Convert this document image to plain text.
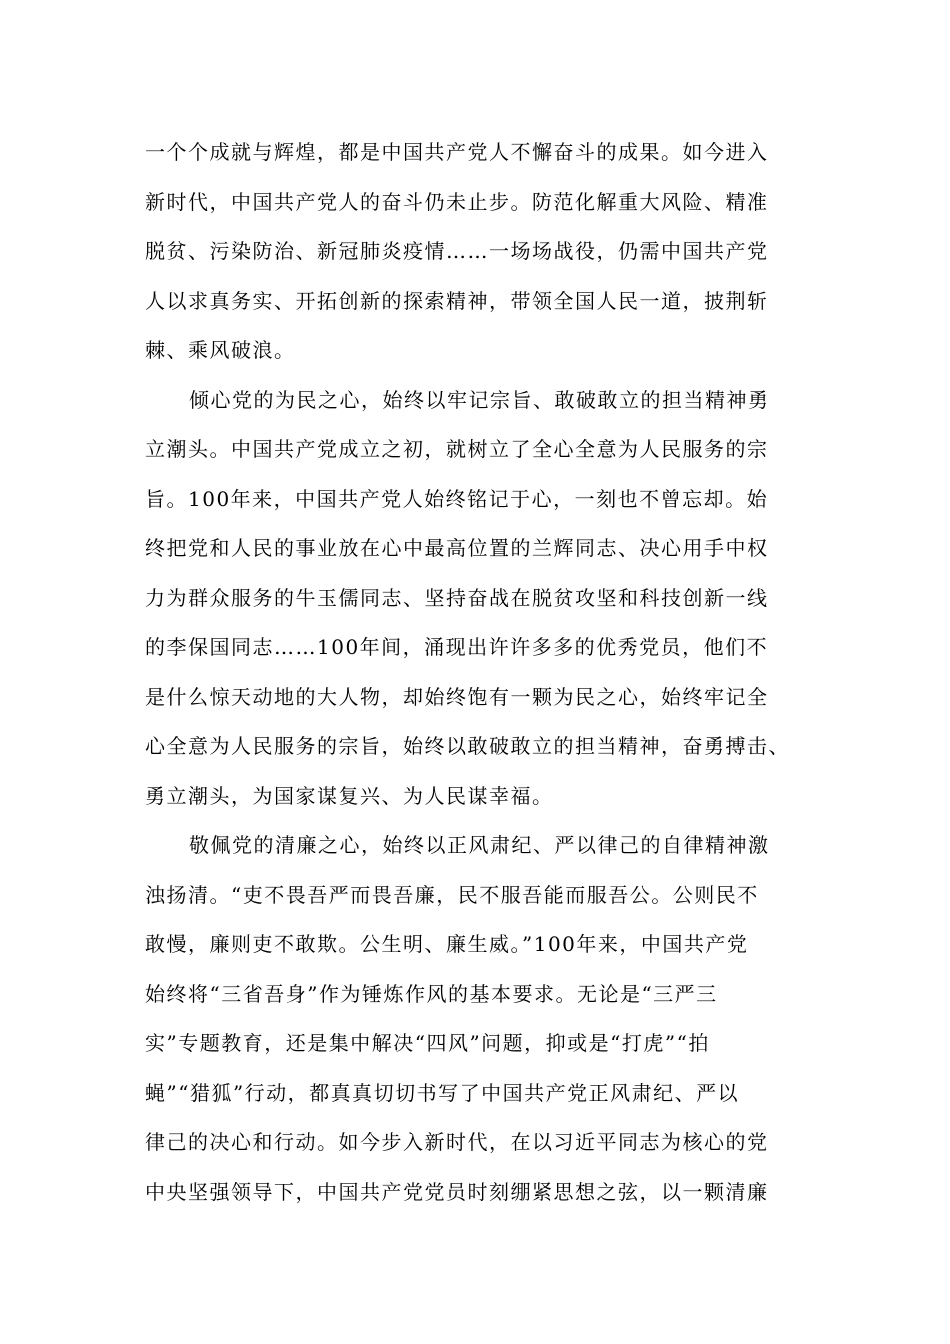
一个个成就与辉煌，都是中国共产党人不懈奋斗的成果。如今进入
新时代，中国共产党人的奋斗仍未止步。防范化解重大风险、精准
脱贫、污染防治、新冠肺炎疫情……一场场战役，仍需中国共产党
人以求真务实、开拓创新的探索精神，带领全国人民一道，披荆斩
棘、乘风破浪。
倾心党的为民之心，始终以牢记宗旨、敢破敢立的担当精神勇
立潮头。中国共产党成立之初，就树立了全心全意为人民服务的宗
旨。100年来，中国共产党人始终铭记于心，一刻也不曾忘却。始
终把党和人民的事业放在心中最高位置的兰辉同志、决心用手中权
力为群众服务的牛玉儒同志、坚持奋战在脱贫攻坚和科技创新一线
的李保国同志……100年间，涌现出许许多多的优秀党员，他们不
是什么惊天动地的大人物，却始终饱有一颗为民之心，始终牢记全
心全意为人民服务的宗旨，始终以敢破敢立的担当精神，奋勇搏击、
勇立潮头，为国家谋复兴、为人民谋幸福。
敬佩党的清廉之心，始终以正风肃纪、严以律己的自律精神激
浊扬清。“吏不畏吾严而畏吾廉，民不服吾能而服吾公。公则民不
敢慢，廉则吏不敢欺。公生明、廉生威。”100年来，中国共产党
始终将“三省吾身”作为锤炼作风的基本要求。无论是“三严三
实”专题教育，还是集中解决“四风”问题，抑或是“打虎”“拍
蝇”“猎狐”行动，都真真切切书写了中国共产党正风肃纪、严以
律己的决心和行动。如今步入新时代，在以习近平同志为核心的党
中央坚强领导下，中国共产党党员时刻绷紧思想之弦，以一颗清廉
